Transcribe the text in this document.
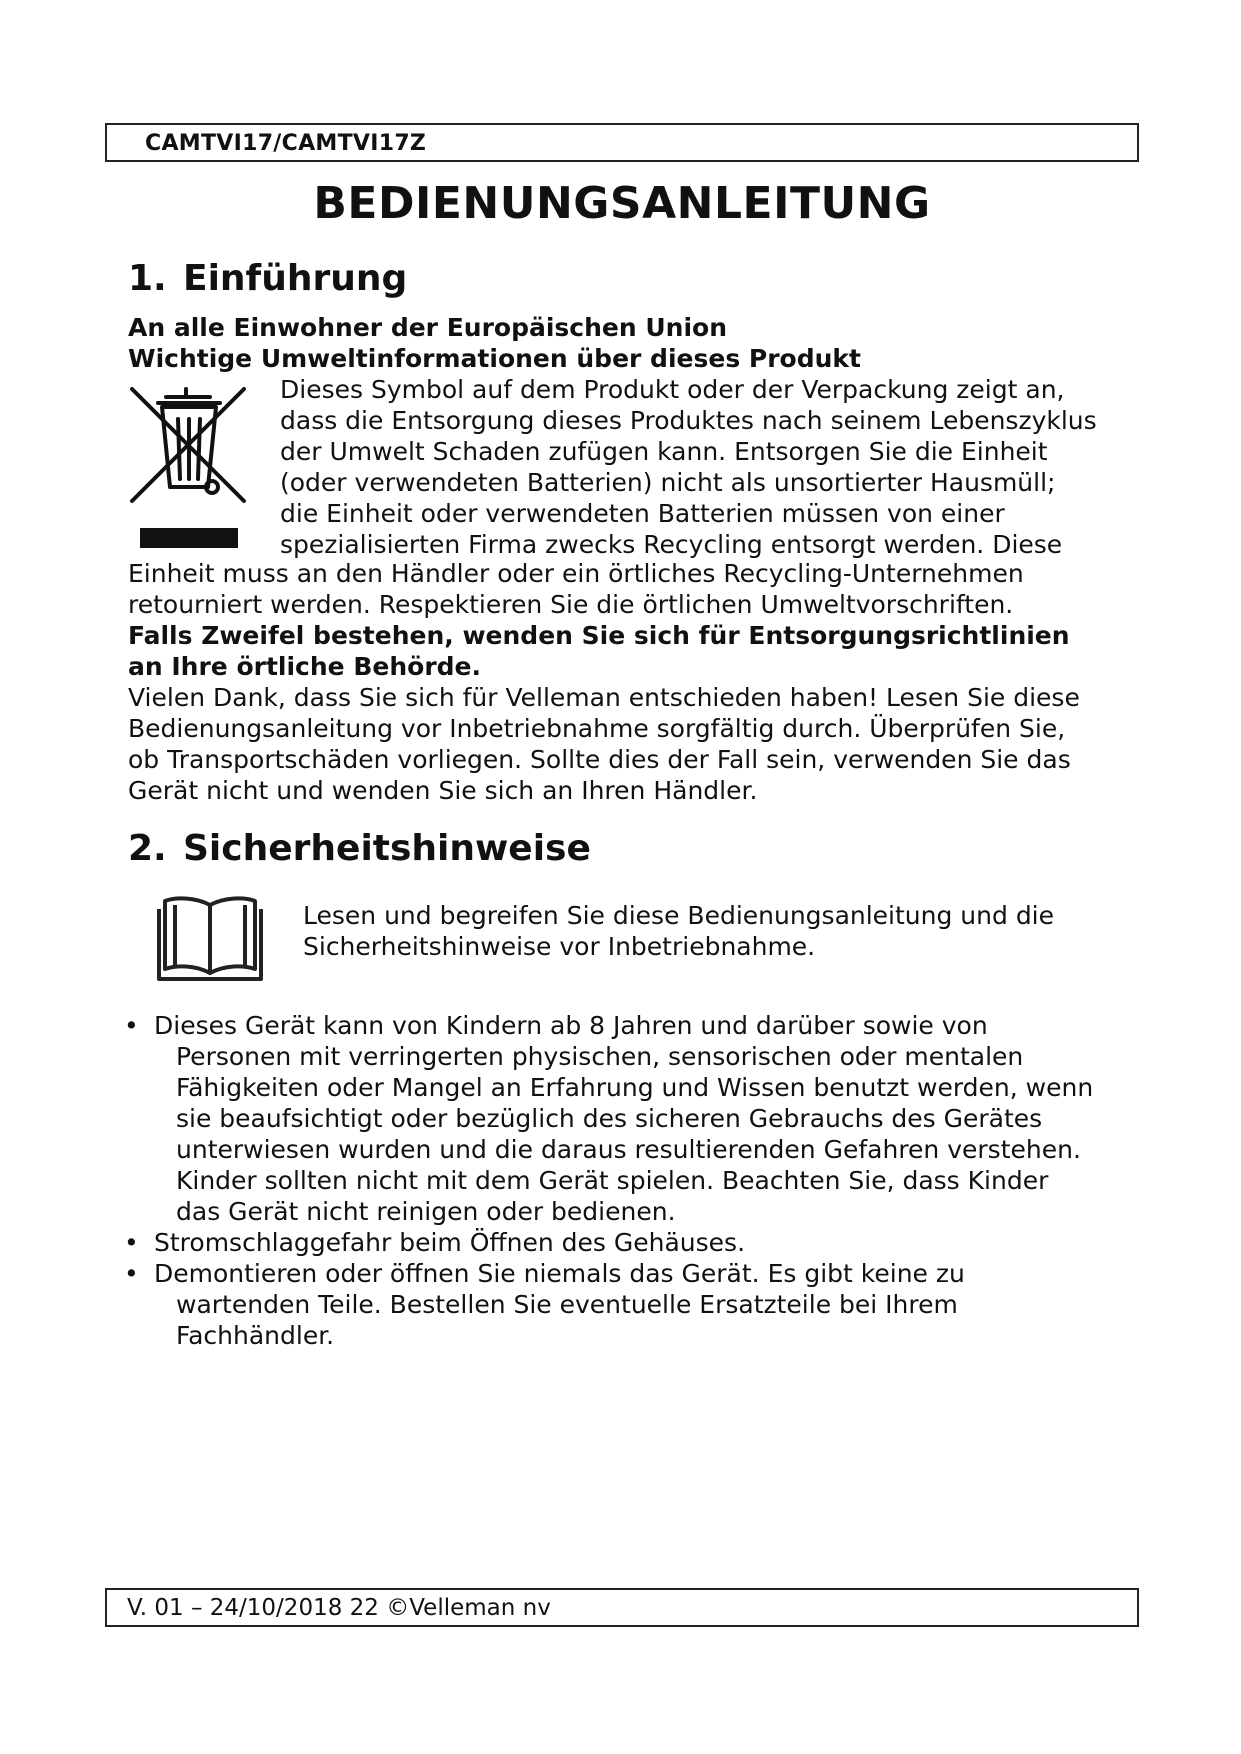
CAMTVI17/CAMTVI17Z
BEDIENUNGSANLEITUNG
1. Einführung

An alle Einwohner der Europäischen Union

Wichtige Umweltinformationen über dieses Produkt

Dieses Symbol auf dem Produkt oder der Verpackung zeigt an,

dass die Entsorgung dieses Produktes nach seinem Lebenszyklus

der Umwelt Schaden zufügen kann. Entsorgen Sie die Einheit

(oder verwendeten Batterien) nicht als unsortierter Hausmüll;

die Einheit oder verwendeten Batterien müssen von einer

spezialisierten Firma zwecks Recycling entsorgt werden. Diese

Einheit muss an den Händler oder ein örtliches Recycling-Unternehmen

retourniert werden. Respektieren Sie die örtlichen Umweltvorschriften.

Falls Zweifel bestehen, wenden Sie sich für Entsorgungsrichtlinien

an Ihre örtliche Behörde.

Vielen Dank, dass Sie sich für Velleman entschieden haben! Lesen Sie diese

Bedienungsanleitung vor Inbetriebnahme sorgfältig durch. Überprüfen Sie,

ob Transportschäden vorliegen. Sollte dies der Fall sein, verwenden Sie das

Gerät nicht und wenden Sie sich an Ihren Händler.

2. Sicherheitshinweise

Lesen und begreifen Sie diese Bedienungsanleitung und die

Sicherheitshinweise vor Inbetriebnahme.

• Dieses Gerät kann von Kindern ab 8 Jahren und darüber sowie von
Personen mit verringerten physischen, sensorischen oder mentalen
Fähigkeiten oder Mangel an Erfahrung und Wissen benutzt werden, wenn
sie beaufsichtigt oder bezüglich des sicheren Gebrauchs des Gerätes
unterwiesen wurden und die daraus resultierenden Gefahren verstehen.
Kinder sollten nicht mit dem Gerät spielen. Beachten Sie, dass Kinder
das Gerät nicht reinigen oder bedienen.
• Stromschlaggefahr beim Öffnen des Gehäuses.
• Demontieren oder öffnen Sie niemals das Gerät. Es gibt keine zu
wartenden Teile. Bestellen Sie eventuelle Ersatzteile bei Ihrem
Fachhändler.
V. 01 – 24/10/2018 22 ©Velleman nv
